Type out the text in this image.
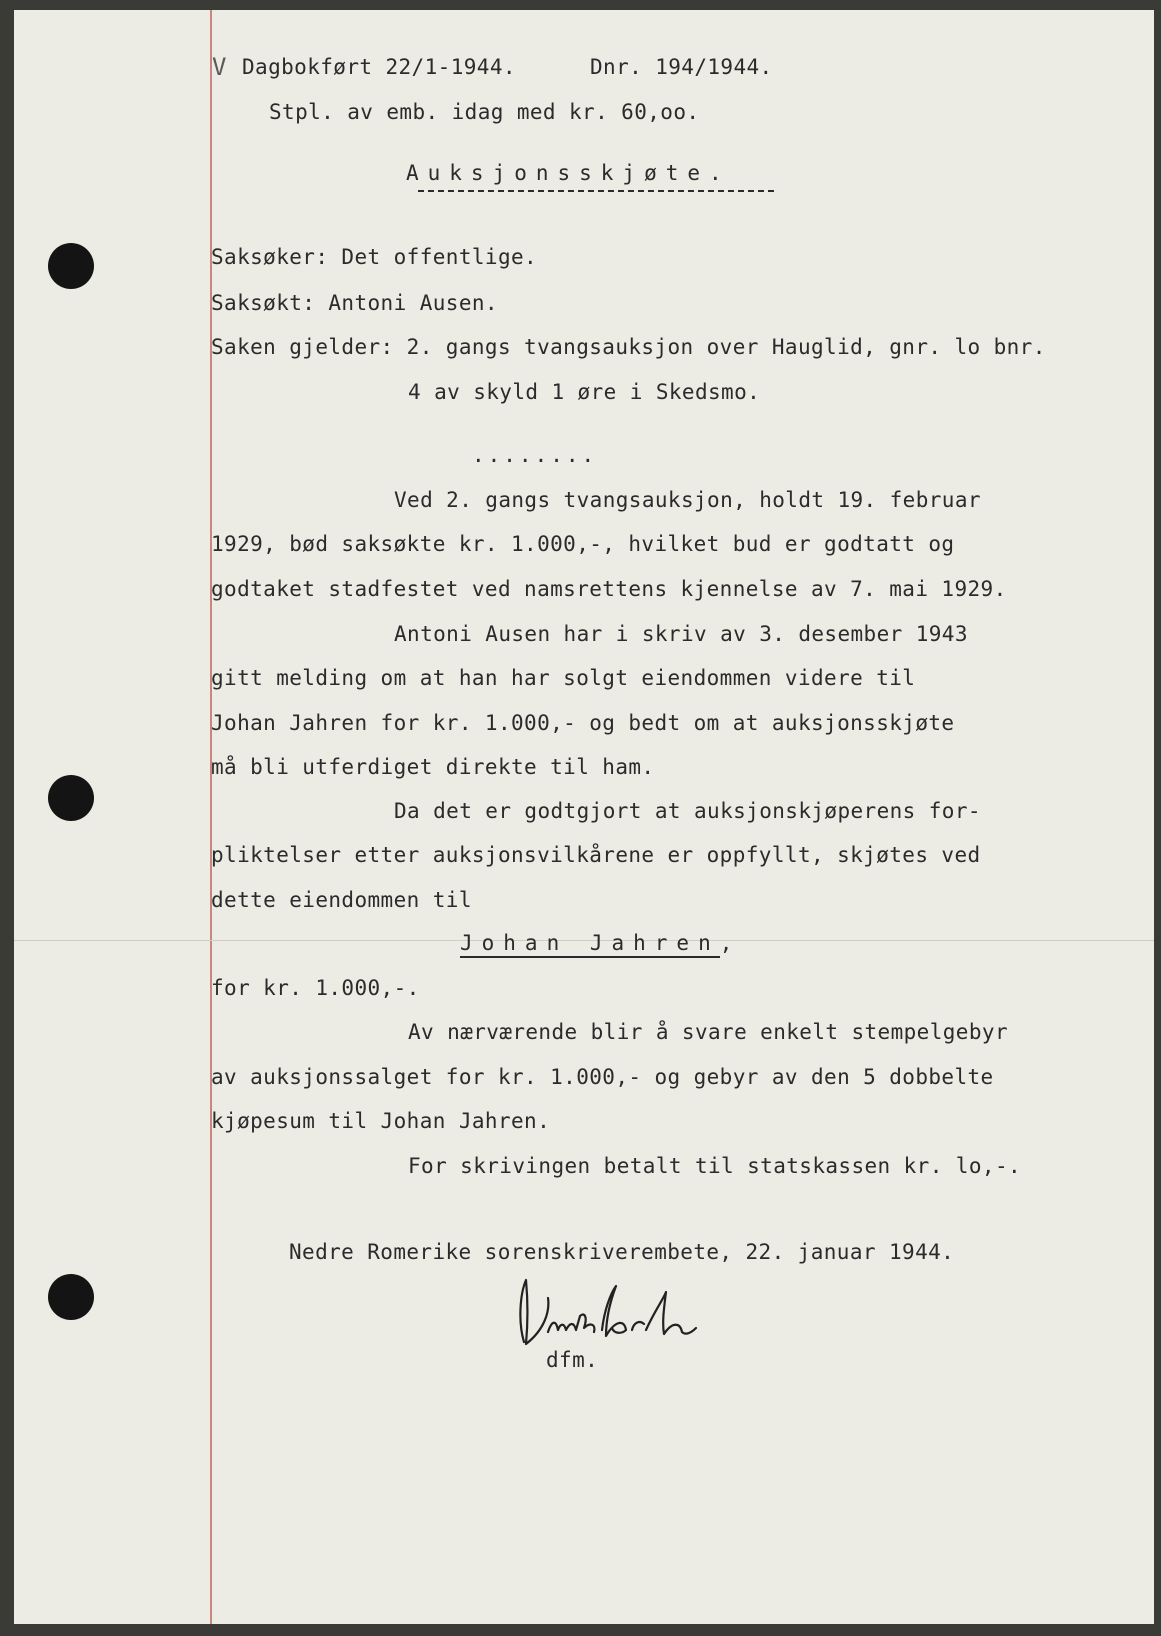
V Dagbokført 22/1-1944.	Dnr. 194/1944.
Stpl. av emb. idag med kr. 60,oo.
Auksjonsskjøte.
Saksøker: Det offentlige.
Saksøkt: Antoni Ausen.
Saken gjelder: 2. gangs tvangsauksjon over Hauglid, gnr. lo bnr.
4 av skyld 1 øre i Skedsmo.
........
Ved 2. gangs tvangsauksjon, holdt 19. februar
1929, bød saksøkte kr. 1.000,-, hvilket bud er godtatt og
godtaket stadfestet ved namsrettens kjennelse av 7. mai 1929.
Antoni Ausen har i skriv av 3. desember 1943
gitt melding om at han har solgt eiendommen videre til
Johan Jahren for kr. 1.000,- og bedt om at auksjonsskjøte
må bli utferdiget direkte til ham.
Da det er godtgjort at auksjonskjøperens for-
pliktelser etter auksjonsvilkårene er oppfyllt, skjøtes ved
dette eiendommen til
Johan Jahren,
for kr. 1.000,-.
Av nærværende blir å svare enkelt stempelgebyr
av auksjonssalget for kr. 1.000,- og gebyr av den 5 dobbelte
kjøpesum til Johan Jahren.
For skrivingen betalt til statskassen kr. lo,-.
Nedre Romerike sorenskriverembete, 22. januar 1944.
dfm.
